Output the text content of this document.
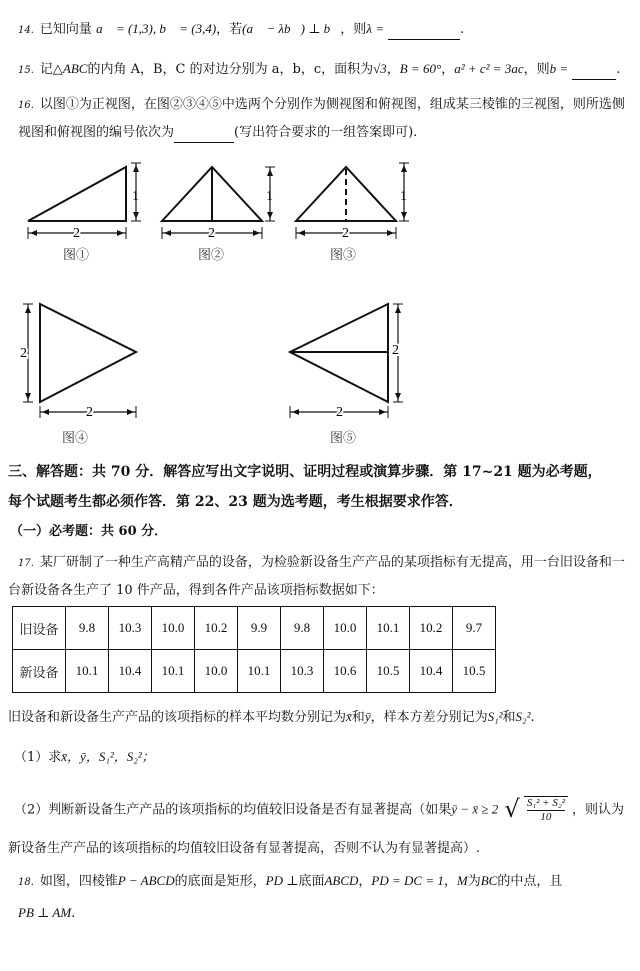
14. 已知向量 a⃗ = (1,3), b⃗ = (3,4)，若(a⃗ − λb⃗) ⊥ b⃗，则λ =	.
15. 记△ABC的内角 A，B，C 的对边分别为 a，b，c，面积为√3，B = 60°，a² + c² = 3ac，则b =	.
16. 以图①为正视图，在图②③④⑤中选两个分别作为侧视图和俯视图，组成某三棱锥的三视图，则所选侧
视图和俯视图的编号依次为	(写出符合要求的一组答案即可).
1
2
图①
1
2
图②
1
2
图③
2
2
图④
2
2
图⑤
三、解答题：共 70 分．解答应写出文字说明、证明过程或演算步骤．第 17~21 题为必考题，
每个试题考生都必须作答．第 22、23 题为选考题，考生根据要求作答．
（一）必考题：共 60 分．
17. 某厂研制了一种生产高精产品的设备，为检验新设备生产产品的某项指标有无提高，用一台旧设备和一
台新设备各生产了 10 件产品，得到各件产品该项指标数据如下：
旧设备	9.8	10.3	10.0	10.2	9.9	9.8	10.0	10.1	10.2	9.7
新设备	10.1	10.4	10.1	10.0	10.1	10.3	10.6	10.5	10.4	10.5
旧设备和新设备生产产品的该项指标的样本平均数分别记为x̄和ȳ，样本方差分别记为S₁²和S₂².
（1）求x̄，ȳ，S₁²，S₂²；
（2）判断新设备生产产品的该项指标的均值较旧设备是否有显著提高（如果ȳ − x̄ ≥ 2 √ $\frac{\text{S₁² + S₂²}}{10}$ ，则认为
新设备生产产品的该项指标的均值较旧设备有显著提高，否则不认为有显著提高）.
18. 如图，四棱锥P − ABCD的底面是矩形，PD ⊥底面ABCD，PD = DC = 1，M为BC的中点，且
PB ⊥ AM.
